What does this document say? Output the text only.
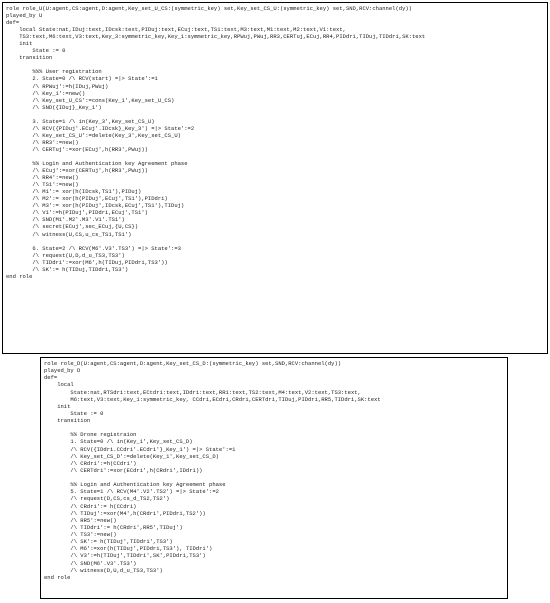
role role_U(U:agent,CS:agent,D:agent,Key_set_U_CS:(symmetric_key) set,Key_set_CS_U:(symmetric_key) set,SND,RCV:channel(dy))
played_by U
def=
local State:nat,IDuj:text,IDcsk:text,PIDuj:text,ECuj:text,TS1:text,M3:text,M1:text,M2:text,V1:text,
TS3:text,M6:text,V3:text,Key_3:symmetric_key,Key_1:symmetric_key,RPWuj,PWuj,RR3,CERTuj,ECuj,RR4,PIDdri,TIDuj,TIDdri,SK:text
init
State := 0
transition

%%% User registration
2. State=0 /\ RCV(start) =|> State':=1
/\ RPWuj':=h(IDuj,PWuj)
/\ Key_1':=new()
/\ Key_set_U_CS':=cons(Key_1',Key_set_U_CS)
/\ SND({IDuj}_Key_1')

3. State=1 /\ in(Key_3',Key_set_CS_U)
/\ RCV({PIDuj'.ECuj'.IDcsk}_Key_3') =|> State':=2
/\ Key_set_CS_U':=delete(Key_3',Key_set_CS_U)
/\ RR3':=new()
/\ CERTuj':=xor(ECuj',h(RR3',PWuj))

%% Login and Authentication key Agreement phase
/\ ECuj':=xor(CERTuj',h(RR3',PWuj))
/\ RR4':=new()
/\ TS1':=new()
/\ M1':= xor(h(IDcsk,TS1'),PIDuj)
/\ M2':= xor(h(PIDuj',ECuj',TS1'),PIDdri)
/\ M3':= xor(h(PIDuj',IDcsk,ECuj',TS1'),TIDuj)
/\ V1':=h(PIDuj',PIDdri,ECuj',TS1')
/\ SND(M1'.M2'.M3'.V1'.TS1')
/\ secret(ECuj',sec_ECuj,{U,CS})
/\ witness(U,CS,u_cs_TS1,TS1')

6. State=2 /\ RCV(M6'.V3'.TS3') =|> State':=3
/\ request(U,D,d_u_TS3,TS3')
/\ TIDdri':=xor(M6',h(TIDuj,PIDdri,TS3'))
/\ SK':= h(TIDuj,TIDdri,TS3')
end role
role role_D(U:agent,CS:agent,D:agent,Key_set_CS_D:(symmetric_key) set,SND,RCV:channel(dy))
played_by D
def=
local
State:nat,RTSdri:text,ECtdri:text,IDdri:text,RR1:text,TS2:text,M4:text,V2:text,TS3:text,
M6:text,V3:text,Key_1:symmetric_key, CCdri,ECdri,CRdri,CERTdri,TIDuj,PIDdri,RR5,TIDdri,SK:text
init
State := 0
transition

%% Drone registraion
1. State=0 /\ in(Key_1',Key_set_CS_D)
/\ RCV({IDdri.CCdri'.ECdri'}_Key_1') =|> State':=1
/\ Key_set_CS_D':=delete(Key_1',Key_set_CS_D)
/\ CRdri':=h(CCdri')
/\ CERTdri':=xor(ECdri',h(CRdri',IDdri))

%% Login and Authentication key Agreement phase
5. State=1 /\ RCV(M4'.V2'.TS2') =|> State':=2
/\ request(D,CS,cs_d_TS2,TS2')
/\ CRdri':= h(CCdri)
/\ TIDuj':=xor(M4',h(CRdri',PIDdri,TS2'))
/\ RR5':=new()
/\ TIDdri':= h(CRdri',RR5',TIDuj')
/\ TS3':=new()
/\ SK':= h(TIDuj',TIDdri',TS3')
/\ M6':=xor(h(TIDuj',PIDdri,TS3'), TIDdri')
/\ V3':=h(TIDuj',TIDdri',SK',PIDdri,TS3')
/\ SND(M6'.V3'.TS3')
/\ witness(D,U,d_u_TS3,TS3')
end role
